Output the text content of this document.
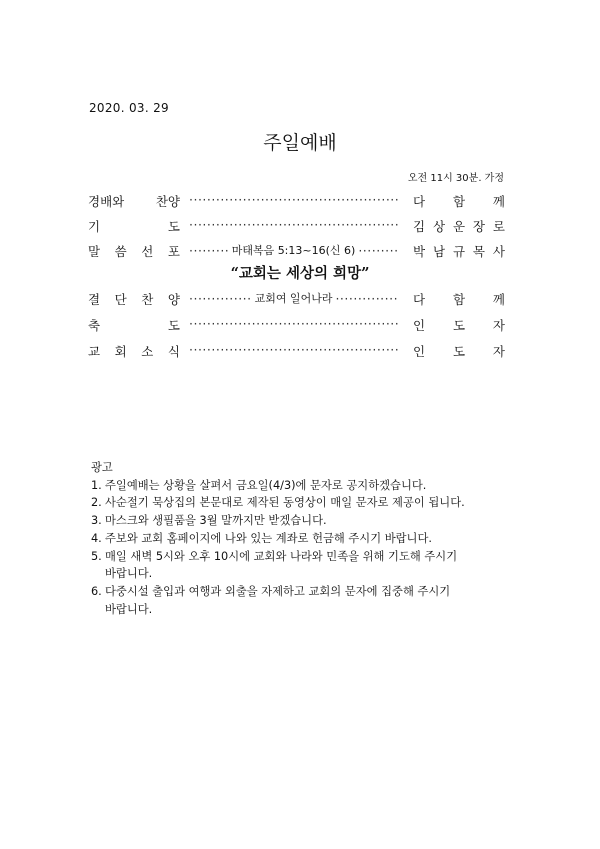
2020. 03. 29
주일예배
오전 11시 30분. 가정
경배와	찬양 ·····	다 함 께
기	도 ·····	김 상 운 장 로
말 씀 선 포 ·····	마태복음 5:13~16(신 6) ·····	박 남 규 목 사
“교회는 세상의 희망”
결 단 찬 양 ·····	교회여 일어나라 ·····	다 함 께
축	도 ·····	인 도 자
교 회 소 식 ·····	인 도 자
광고
1. 주일예배는 상황을 살펴서 금요일(4/3)에 문자로 공지하겠습니다.
2. 사순절기 묵상집의 본문대로 제작된 동영상이 매일 문자로 제공이 됩니다.
3. 마스크와 생필품을 3월 말까지만 받겠습니다.
4. 주보와 교회 홈페이지에 나와 있는 계좌로 헌금해 주시기 바랍니다.
5. 매일 새벽 5시와 오후 10시에 교회와 나라와 민족을 위해 기도해 주시기
바랍니다.
6. 다중시설 출입과 여행과 외출을 자제하고 교회의 문자에 집중해 주시기
바랍니다.
